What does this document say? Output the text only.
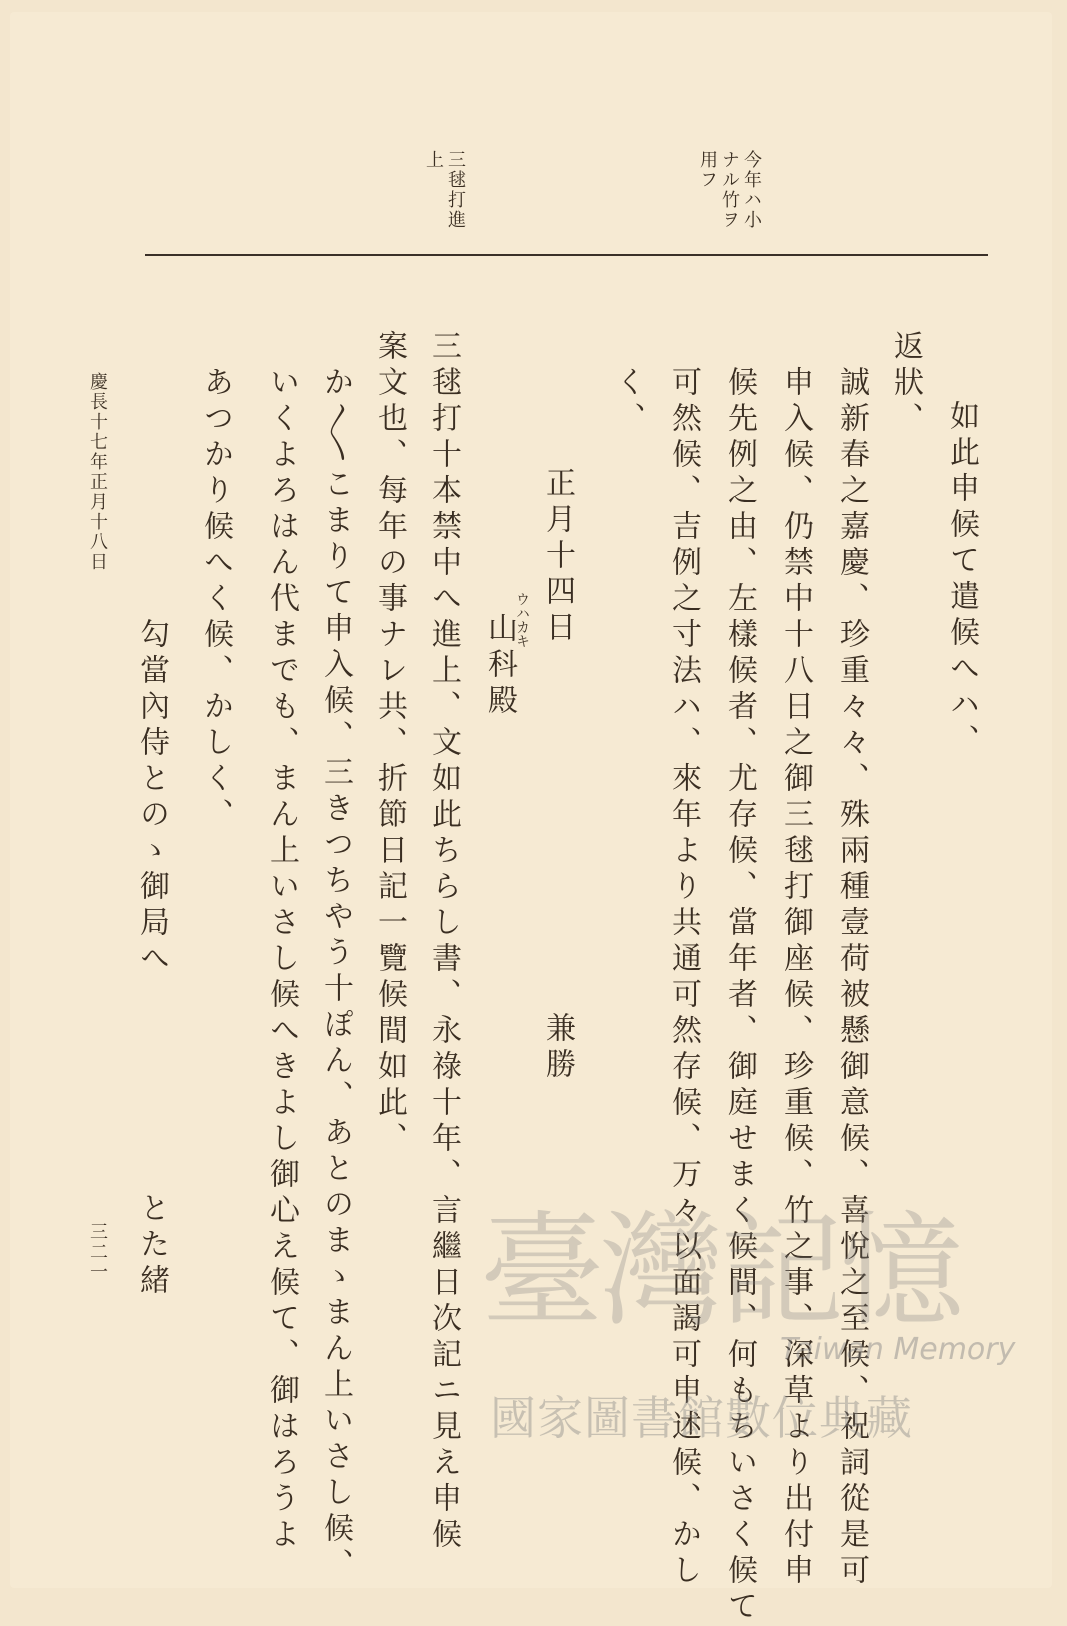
今年ハ小
ナル竹ヲ
用フ
三毬打進
上
如此申候て遣候へハ、
返狀、
誠新春之嘉慶、珍重々々、殊兩種壹荷被懸御意候、喜悅之至候、祝詞從是可
申入候、仍禁中十八日之御三毬打御座候、珍重候、竹之事、深草より出付申
候先例之由、左樣候者、尤存候、當年者、御庭せまく候間、何もちいさく候て
可然候、吉例之寸法ハ、來年より共通可然存候、万々以面謁可申述候、かし
く、
正月十四日
兼勝
ウハカキ
山科殿
三毬打十本禁中へ進上、文如此ちらし書、永祿十年、言繼日次記ニ見え申候
案文也、每年の事ナレ共、折節日記一覽候間如此、
か〳〵こまりて申入候、三きつちやう十ぽん、あとのまゝまん上いさし候、
いくよろはん代までも、まん上いさし候へきよし御心え候て、御はろうよ
あつかり候へく候、かしく、
勾當內侍とのゝ御局へ
とた緒
慶長十七年正月十八日
三二一	臺灣記憶
Taiwan Memory
國家圖書館數位典藏
